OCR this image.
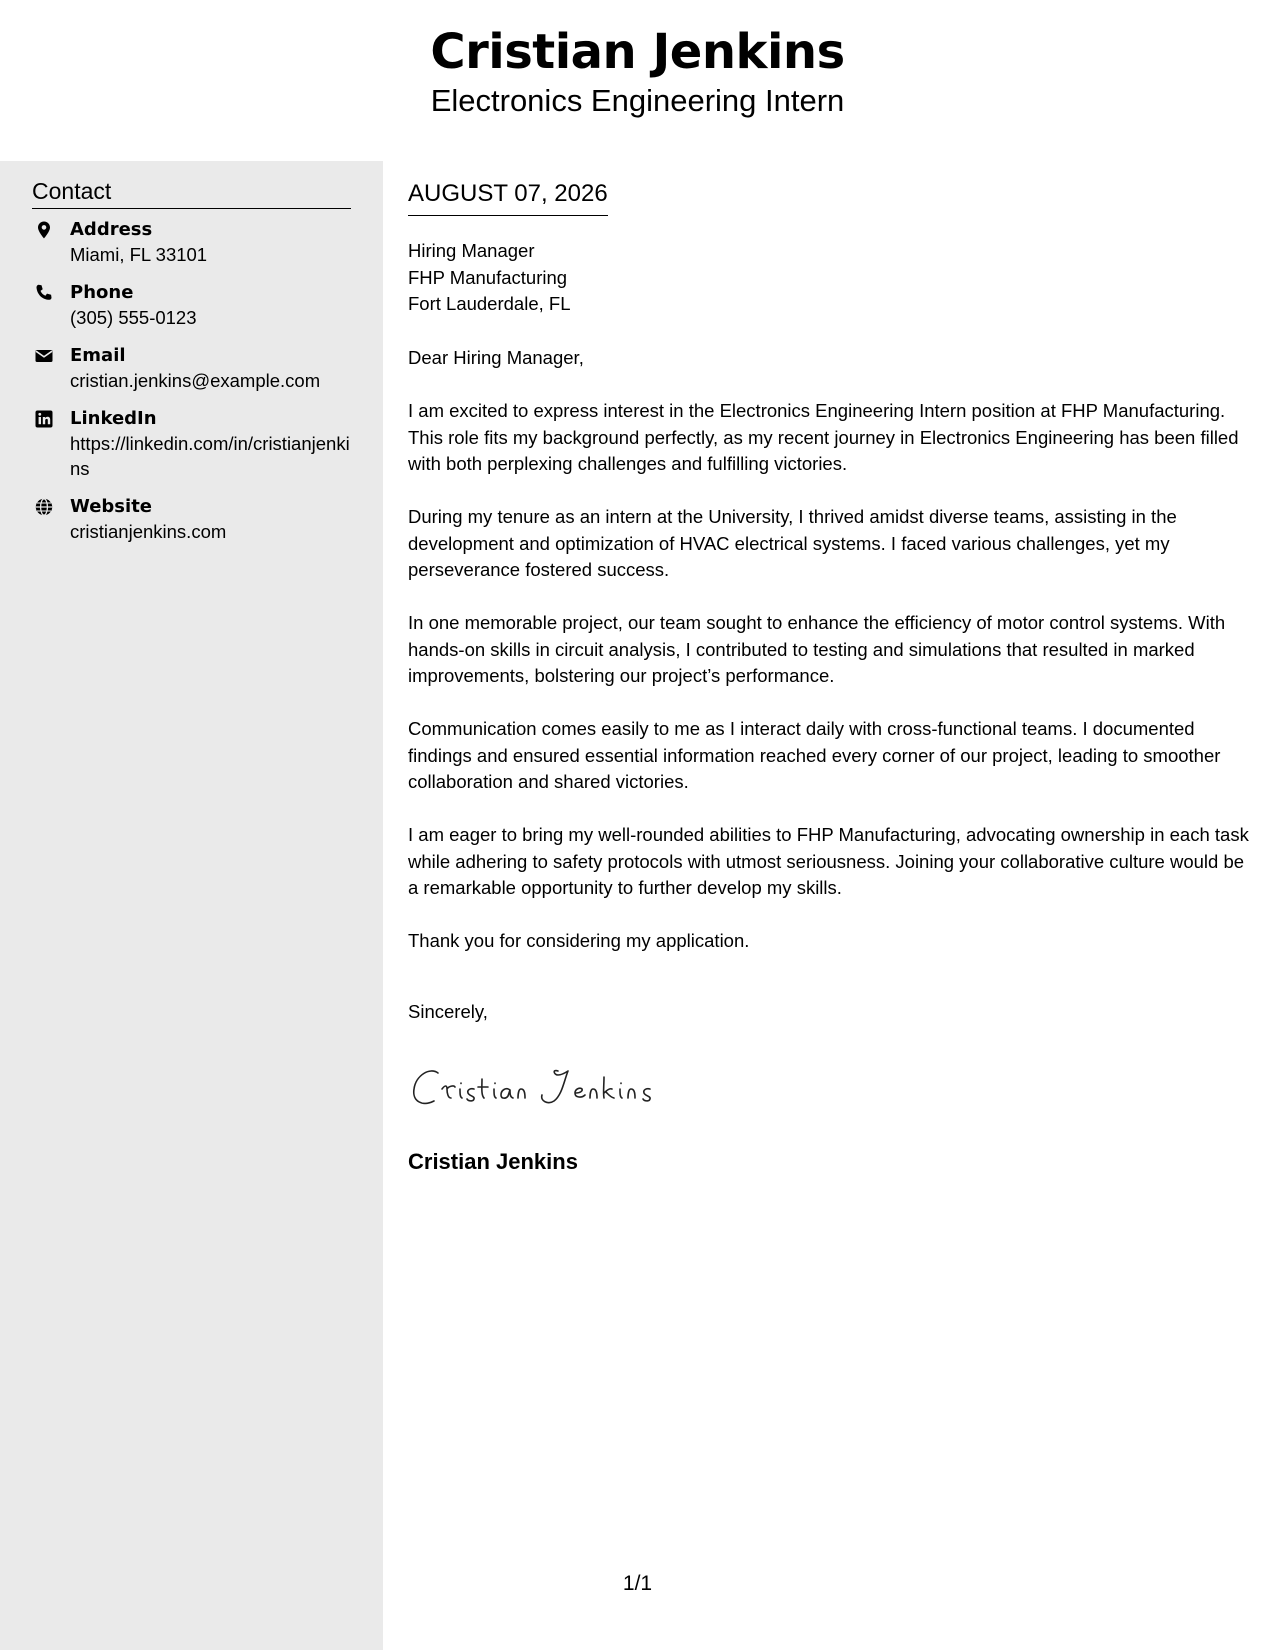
Cristian Jenkins
Electronics Engineering Intern
Contact
Address
Miami, FL 33101
Phone
(305) 555-0123
Email
cristian.jenkins@example.com
LinkedIn
https://linkedin.com/in/cristianjenkins
Website
cristianjenkins.com
AUGUST 07, 2026
Hiring Manager
FHP Manufacturing
Fort Lauderdale, FL
Dear Hiring Manager,
I am excited to express interest in the Electronics Engineering Intern position at FHP Manufacturing. This role fits my background perfectly, as my recent journey in Electronics Engineering has been filled with both perplexing challenges and fulfilling victories.
During my tenure as an intern at the University, I thrived amidst diverse teams, assisting in the development and optimization of HVAC electrical systems. I faced various challenges, yet my perseverance fostered success.
In one memorable project, our team sought to enhance the efficiency of motor control systems. With hands-on skills in circuit analysis, I contributed to testing and simulations that resulted in marked improvements, bolstering our project’s performance.
Communication comes easily to me as I interact daily with cross-functional teams. I documented findings and ensured essential information reached every corner of our project, leading to smoother collaboration and shared victories.
I am eager to bring my well-rounded abilities to FHP Manufacturing, advocating ownership in each task while adhering to safety protocols with utmost seriousness. Joining your collaborative culture would be a remarkable opportunity to further develop my skills.
Thank you for considering my application.
Sincerely,
Cristian Jenkins
1/1
